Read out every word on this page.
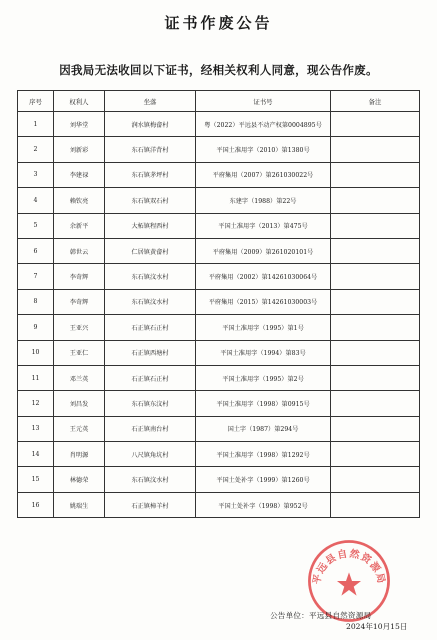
证书作废公告
因我局无法收回以下证书，经相关权利人同意，现公告作废。
序号	权利人	坐落	证书号	备注
1	刘华堂	润水镇梅畲村	粤（2022）平远县不动产权第0004895号	
2	刘新彩	东石镇洋背村	平国土准用字（2010）第1380号	
3	李建禄	东石镇茅坪村	平府集用（2007）第261030022号	
4	赖钦亮	东石镇双石村	东建字（1988）第22号	
5	余新平	大柘镇程西村	平国土准用字（2013）第475号	
6	韩世云	仁居镇黄畲村	平府集用（2009）第261020101号	
7	李奇辉	东石镇汶水村	平府集用（2002）第14261030064号	
8	李奇辉	东石镇汶水村	平府集用（2015）第14261030003号	
9	王亚兴	石正镇石正村	平国土准用字（1995）第1号	
10	王亚仁	石正镇西塘村	平国土准用字（1994）第83号	
11	邓兰英	石正镇石正村	平国土准用字（1995）第2号	
12	刘昌发	东石镇东汶村	平国土准用字（1998）第0915号	
13	王元英	石正镇南台村	国土字（1987）第294号	
14	肖明源	八尺镇角坑村	平国土准用字（1998）第1292号	
15	林德荣	东石镇汶水村	平国土处补字（1999）第1260号	
16	姚瑞生	石正镇樟羊村	平国土处补字（1998）第952号	
平远县自然资源局
公告单位：平远县自然资源局
2024年10月15日
